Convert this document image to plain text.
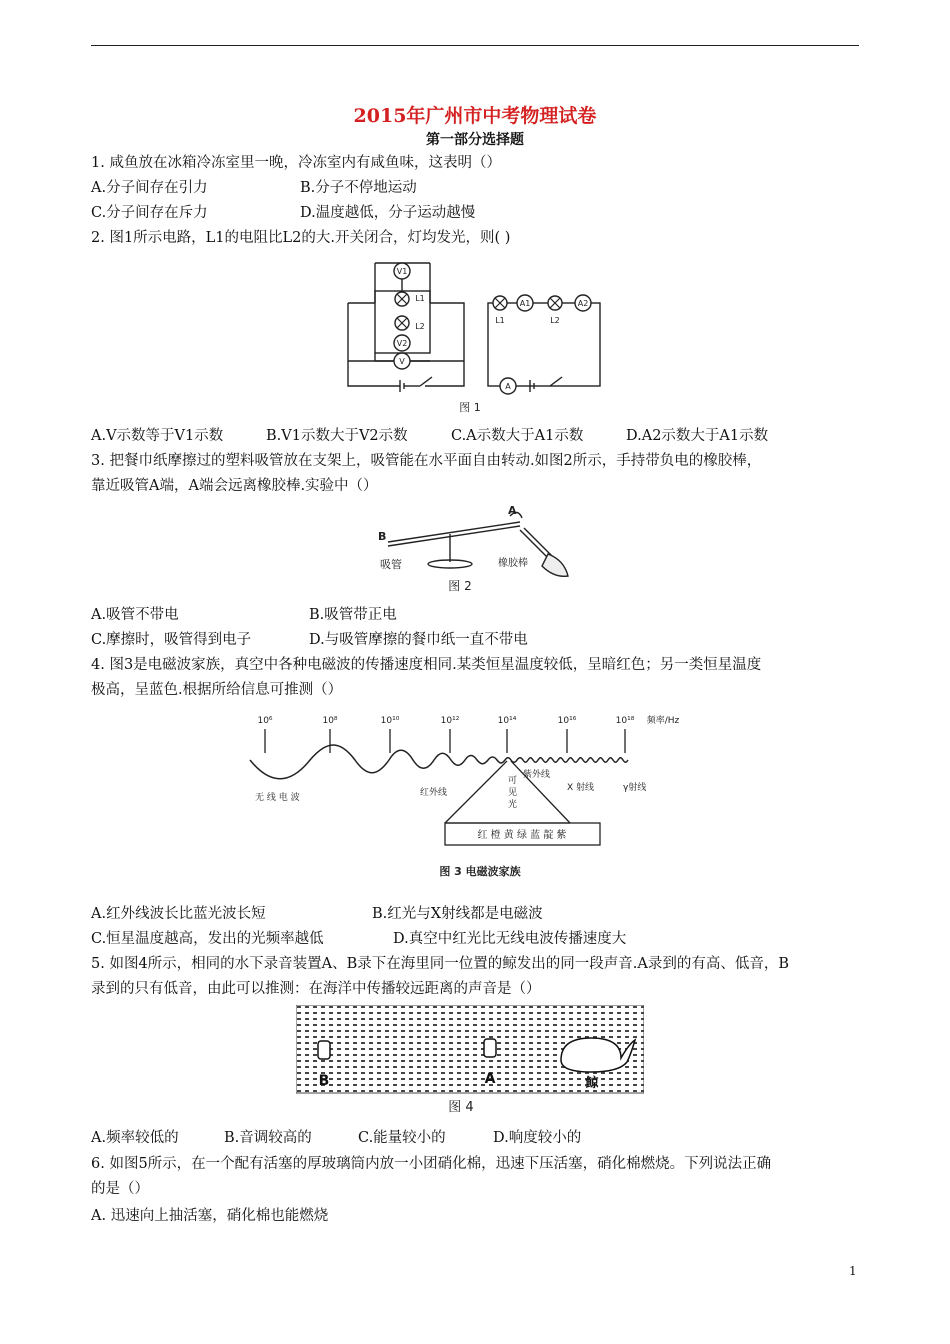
2015年广州市中考物理试卷
第一部分选择题
1. 咸鱼放在冰箱冷冻室里一晚，冷冻室内有咸鱼味，这表明（）
A.分子间存在引力	B.分子不停地运动
C.分子间存在斥力	D.温度越低，分子运动越慢
2. 图1所示电路，L1的电阻比L2的大.开关闭合，灯均发光，则( )
V1
V2
V
L1
L2
A1	A2
L1	L2
A
图 1
A.V示数等于V1示数	B.V1示数大于V2示数	C.A示数大于A1示数	D.A2示数大于A1示数
3. 把餐巾纸摩擦过的塑料吸管放在支架上，吸管能在水平面自由转动.如图2所示，手持带负电的橡胶棒，
靠近吸管A端，A端会远离橡胶棒.实验中（）
B
A
吸管	橡胶棒
图 2
A.吸管不带电	B.吸管带正电
C.摩擦时，吸管得到电子	D.与吸管摩擦的餐巾纸一直不带电
4. 图3是电磁波家族，真空中各种电磁波的传播速度相同.某类恒星温度较低，呈暗红色；另一类恒星温度
极高，呈蓝色.根据所给信息可推测（）
10⁶	10⁸	10¹⁰	10¹²	10¹⁴	10¹⁶	10¹⁸ 频率/Hz
无 线 电 波	红外线
紫外线
X 射线	γ射线
可
见
光
红 橙 黄 绿 蓝 靛 紫
图 3 电磁波家族
A.红外线波长比蓝光波长短	B.红光与X射线都是电磁波
C.恒星温度越高，发出的光频率越低	D.真空中红光比无线电波传播速度大
5. 如图4所示，相同的水下录音装置A、B录下在海里同一位置的鲸发出的同一段声音.A录到的有高、低音，B
录到的只有低音，由此可以推测：在海洋中传播较远距离的声音是（）
B	A	鲸
图 4
A.频率较低的	B.音调较高的	C.能量较小的	D.响度较小的
6. 如图5所示，在一个配有活塞的厚玻璃筒内放一小团硝化棉，迅速下压活塞，硝化棉燃烧。下列说法正确
的是（）
A. 迅速向上抽活塞，硝化棉也能燃烧
1
